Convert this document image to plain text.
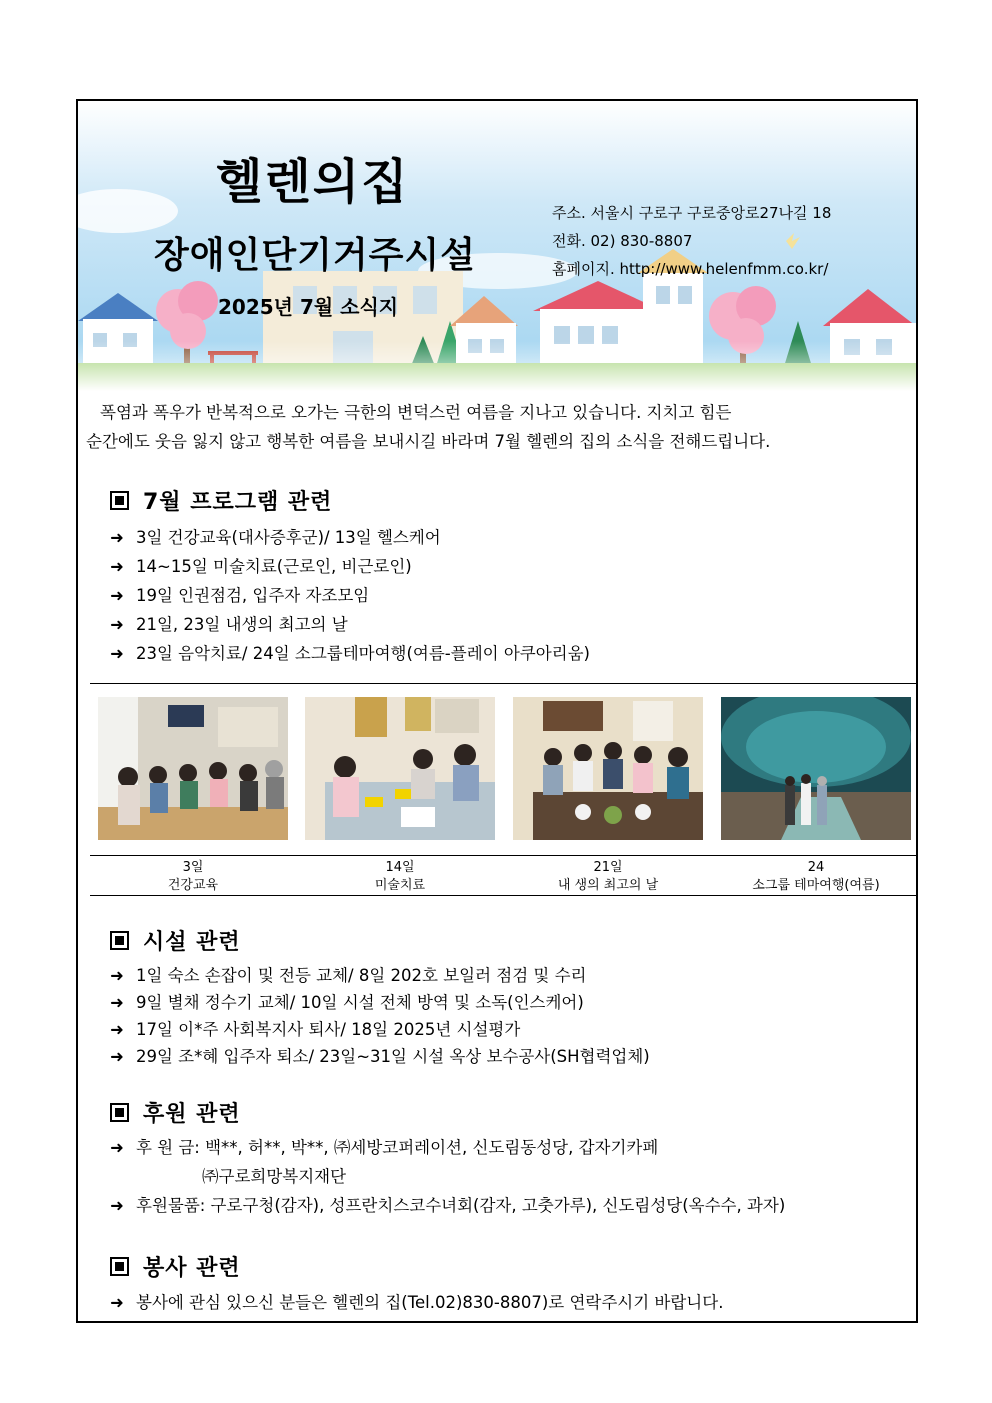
헬렌의집
장애인단기거주시설
2025년 7월 소식지
주소. 서울시 구로구 구로중앙로27나길 18
전화. 02) 830-8807
홈페이지. http://www.helenfmm.co.kr/

폭염과 폭우가 반복적으로 오가는 극한의 변덕스런 여름을 지나고 있습니다. 지치고 힘든

순간에도 웃음 잃지 않고 행복한 여름을 보내시길 바라며 7월 헬렌의 집의 소식을 전해드립니다.

7월 프로그램 관련
➜ 3일 건강교육(대사증후군)/ 13일 헬스케어
➜ 14~15일 미술치료(근로인, 비근로인)
➜ 19일 인권점검, 입주자 자조모임
➜ 21일, 23일 내생의 최고의 날
➜ 23일 음악치료/ 24일 소그룹테마여행(여름-플레이 아쿠아리움)
3일
건강교육
14일
미술치료
21일
내 생의 최고의 날
24
소그룹 테마여행(여름)
시설 관련
➜ 1일 숙소 손잡이 및 전등 교체/ 8일 202호 보일러 점검 및 수리
➜ 9일 별채 정수기 교체/ 10일 시설 전체 방역 및 소독(인스케어)
➜ 17일 이*주 사회복지사 퇴사/ 18일 2025년 시설평가
➜ 29일 조*혜 입주자 퇴소/ 23일~31일 시설 옥상 보수공사(SH협력업체)
후원 관련
➜ 후 원 금: 백**, 허**, 박**, ㈜세방코퍼레이션, 신도림동성당, 갑자기카페
㈜구로희망복지재단
➜ 후원물품: 구로구청(감자), 성프란치스코수녀회(감자, 고춧가루), 신도림성당(옥수수, 과자)
봉사 관련
➜ 봉사에 관심 있으신 분들은 헬렌의 집(Tel.02)830-8807)로 연락주시기 바랍니다.
